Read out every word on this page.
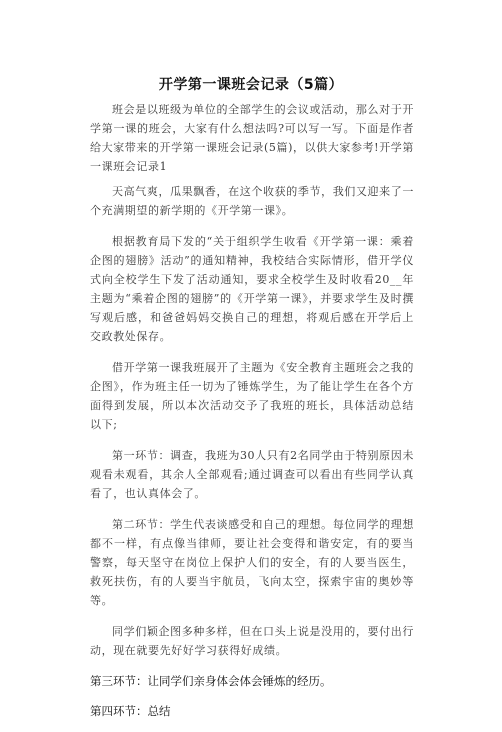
开学第一课班会记录（5篇）

班会是以班级为单位的全部学生的会议或活动，那么对于开学第一课的班会，大家有什么想法吗?可以写一写。下面是作者给大家带来的开学第一课班会记录(5篇)，以供大家参考!开学第一课班会记录1

天高气爽，瓜果飘香，在这个收获的季节，我们又迎来了一个充满期望的新学期的《开学第一课》。

根据教育局下发的“关于组织学生收看《开学第一课：乘着企图的翅膀》活动”的通知精神，我校结合实际情形，借开学仪式向全校学生下发了活动通知，要求全校学生及时收看20__年主题为“乘着企图的翅膀”的《开学第一课》，并要求学生及时撰写观后感，和爸爸妈妈交换自己的理想，将观后感在开学后上交政教处保存。

借开学第一课我班展开了主题为《安全教育主题班会之我的企图》，作为班主任一切为了锤炼学生，为了能让学生在各个方面得到发展，所以本次活动交予了我班的班长，具体活动总结以下;

第一环节：调查，我班为30人只有2名同学由于特别原因未观看未观看，其余人全部观看;通过调查可以看出有些同学认真看了，也认真体会了。

第二环节：学生代表谈感受和自己的理想。每位同学的理想都不一样，有点像当律师，要让社会变得和谐安定，有的要当警察，每天坚守在岗位上保护人们的安全，有的人要当医生，救死扶伤，有的人要当宇航员，飞向太空，探索宇宙的奥妙等等。

同学们颖企图多种多样，但在口头上说是没用的，要付出行动，现在就要先好好学习获得好成绩。

第三环节：让同学们亲身体会体会锤炼的经历。

第四环节：总结
